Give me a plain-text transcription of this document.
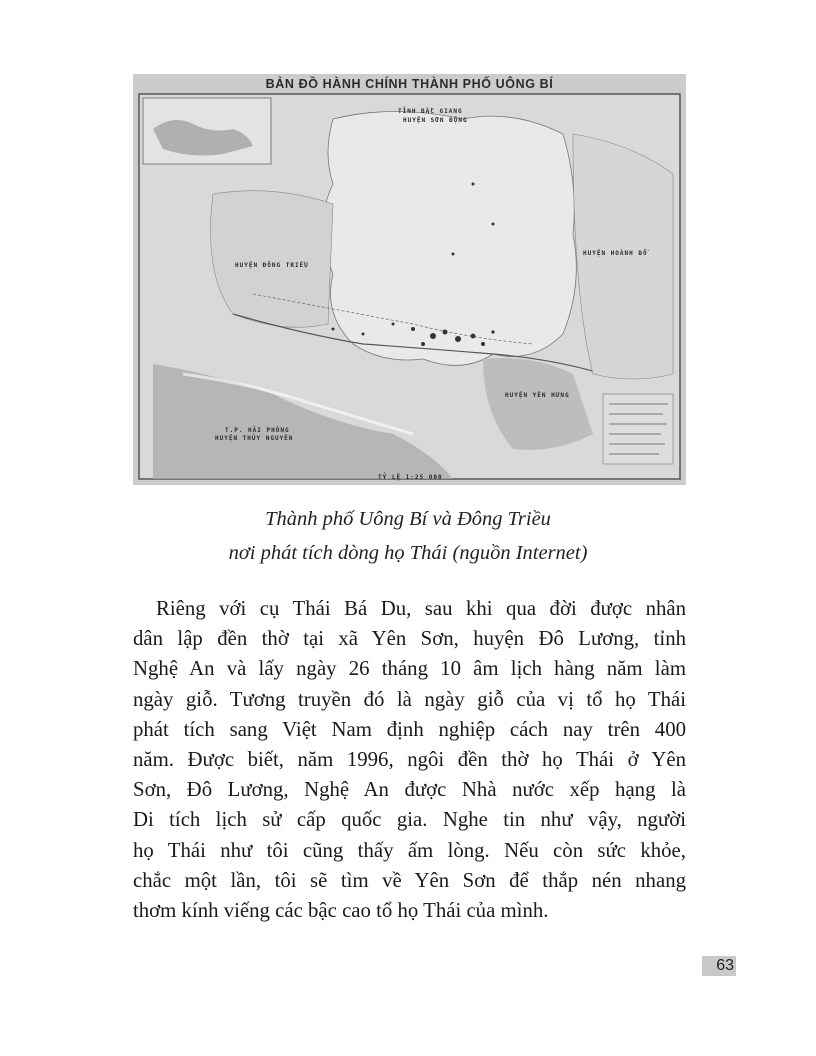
BẢN ĐỒ HÀNH CHÍNH THÀNH PHỐ UÔNG BÍ
TỈNH BẮC GIANG
HUYỆN SƠN ĐỘNG
HUYỆN ĐÔNG TRIỀU
HUYỆN HOÀNH BỒ
HUYỆN YÊN HƯNG
T.P. HẢI PHÒNG
HUYỆN THỦY NGUYÊN
TỶ LỆ 1:25 000
Thành phố Uông Bí và Đông Triều
nơi phát tích dòng họ Thái (nguồn Internet)
Riêng với cụ Thái Bá Du, sau khi qua đời được nhân
dân lập đền thờ tại xã Yên Sơn, huyện Đô Lương, tỉnh
Nghệ An và lấy ngày 26 tháng 10 âm lịch hàng năm làm
ngày giỗ. Tương truyền đó là ngày giỗ của vị tổ họ Thái
phát tích sang Việt Nam định nghiệp cách nay trên 400
năm. Được biết, năm 1996, ngôi đền thờ họ Thái ở Yên
Sơn, Đô Lương, Nghệ An được Nhà nước xếp hạng là
Di tích lịch sử cấp quốc gia. Nghe tin như vậy, người
họ Thái như tôi cũng thấy ấm lòng. Nếu còn sức khỏe,
chắc một lần, tôi sẽ tìm về Yên Sơn để thắp nén nhang
thơm kính viếng các bậc cao tổ họ Thái của mình.
63
